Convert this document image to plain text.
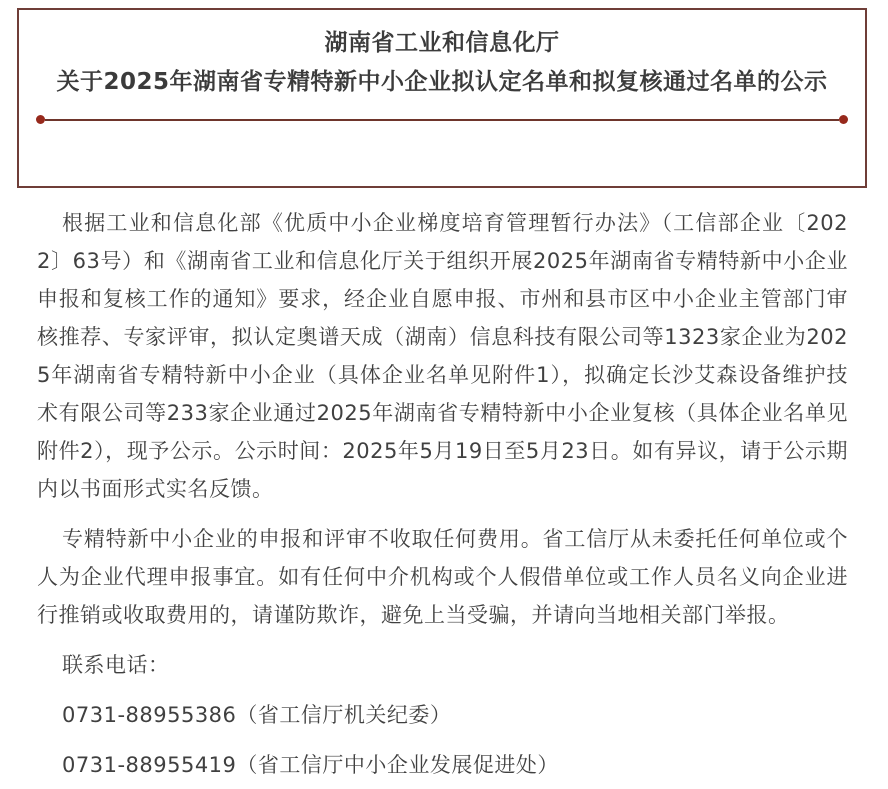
湖南省工业和信息化厅
关于2025年湖南省专精特新中小企业拟认定名单和拟复核通过名单的公示

根据工业和信息化部《优质中小企业梯度培育管理暂行办法》（工信部企业〔2022〕63号）和《湖南省工业和信息化厅关于组织开展2025年湖南省专精特新中小企业申报和复核工作的通知》要求，经企业自愿申报、市州和县市区中小企业主管部门审核推荐、专家评审，拟认定奥谱天成（湖南）信息科技有限公司等1323家企业为2025年湖南省专精特新中小企业（具体企业名单见附件1），拟确定长沙艾森设备维护技术有限公司等233家企业通过2025年湖南省专精特新中小企业复核（具体企业名单见附件2），现予公示。公示时间：2025年5月19日至5月23日。如有异议，请于公示期内以书面形式实名反馈。

专精特新中小企业的申报和评审不收取任何费用。省工信厅从未委托任何单位或个人为企业代理申报事宜。如有任何中介机构或个人假借单位或工作人员名义向企业进行推销或收取费用的，请谨防欺诈，避免上当受骗，并请向当地相关部门举报。

联系电话：

0731-88955386（省工信厅机关纪委）

0731-88955419（省工信厅中小企业发展促进处）
